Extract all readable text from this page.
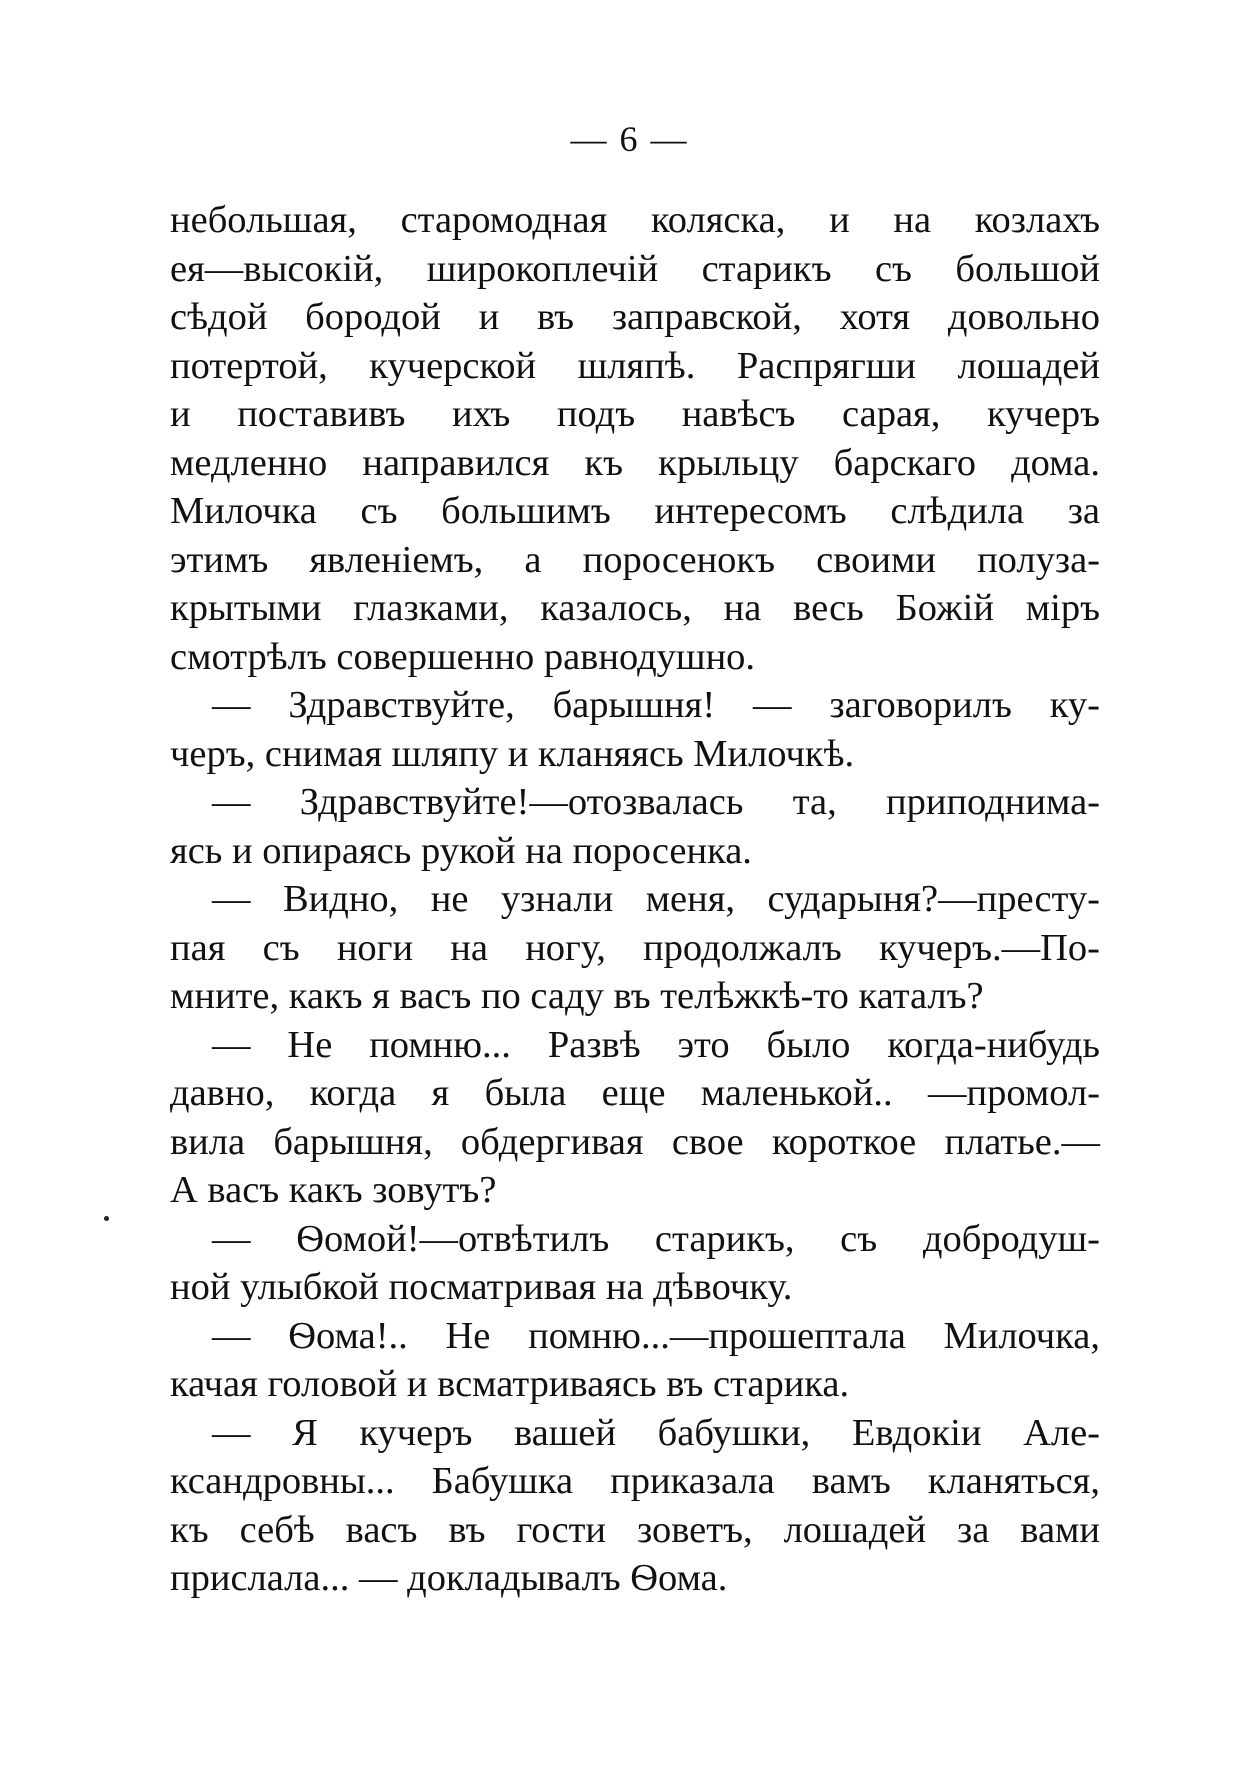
— 6 —
небольшая, старомодная коляска, и на козлахъ
ея—высокій, широкоплечій старикъ съ большой
сѣдой бородой и въ заправской, хотя довольно
потертой, кучерской шляпѣ. Распрягши лошадей
и поставивъ ихъ подъ навѣсъ сарая, кучеръ
медленно направился къ крыльцу барскаго дома.
Милочка съ большимъ интересомъ слѣдила за
этимъ явленіемъ, а поросенокъ своими полуза-
крытыми глазками, казалось, на весь Божій міръ
смотрѣлъ совершенно равнодушно.
— Здравствуйте, барышня! — заговорилъ ку-
черъ, снимая шляпу и кланяясь Милочкѣ.
— Здравствуйте!—отозвалась та, приподнима-
ясь и опираясь рукой на поросенка.
— Видно, не узнали меня, сударыня?—престу-
пая съ ноги на ногу, продолжалъ кучеръ.—По-
мните, какъ я васъ по саду въ телѣжкѣ-то каталъ?
— Не помню... Развѣ это было когда-нибудь
давно, когда я была еще маленькой.. —промол-
вила барышня, обдергивая свое короткое платье.—
А васъ какъ зовутъ?
— Ѳомой!—отвѣтилъ старикъ, съ добродуш-
ной улыбкой посматривая на дѣвочку.
— Ѳома!.. Не помню...—прошептала Милочка,
качая головой и всматриваясь въ старика.
— Я кучеръ вашей бабушки, Евдокіи Але-
ксандровны... Бабушка приказала вамъ кланяться,
къ себѣ васъ въ гости зоветъ, лошадей за вами
прислала... — докладывалъ Ѳома.
